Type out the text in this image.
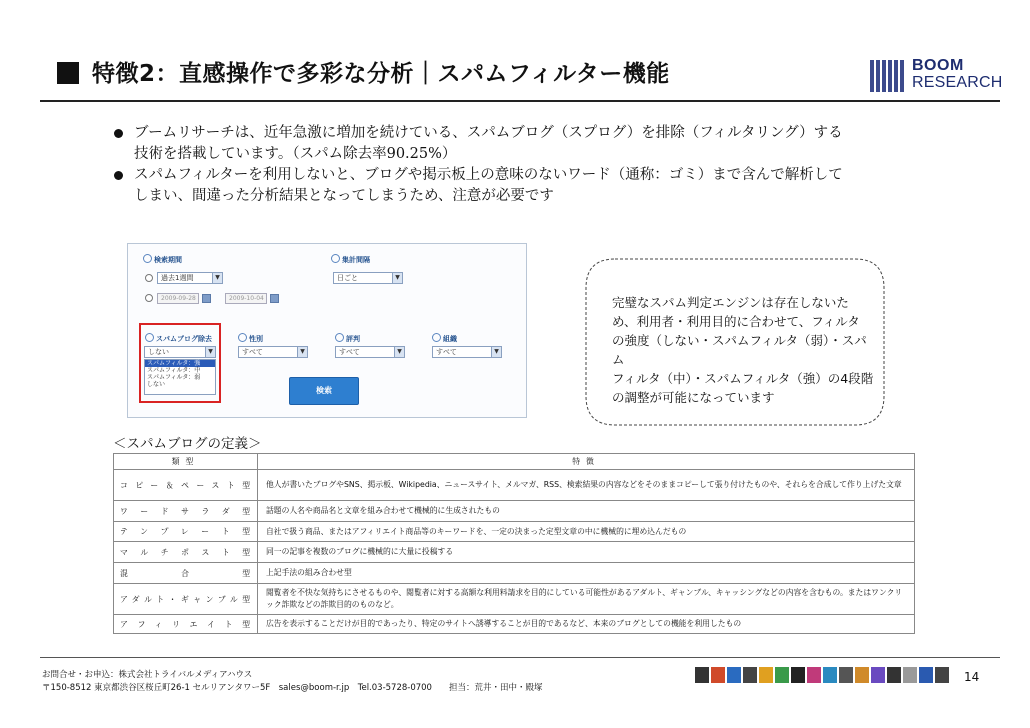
特徴2：直感操作で多彩な分析｜スパムフィルター機能	BOOM
RESEARCH
ブームリサーチは、近年急激に増加を続けている、スパムブログ（スプログ）を排除（フィルタリング）する
技術を搭載しています。（スパム除去率90.25%）
スパムフィルターを利用しないと、ブログや掲示板上の意味のないワード（通称：ゴミ）まで含んで解析して
しまい、間違った分析結果となってしまうため、注意が必要です
検索期間
過去1週間	▼
2009-09-28	2009-10-04
集計間隔
日ごと	▼
スパムブログ除去
しない	▼
スパムフィルタ：強
スパムフィルタ：中
スパムフィルタ：弱
しない
性別
すべて	▼
評判
すべて	▼
組織
すべて	▼
検索
完璧なスパム判定エンジンは存在しないた
め、利用者・利用目的に合わせて、フィルタ
の強度（しない・スパムフィルタ（弱）・スパム
フィルタ（中）・スパムフィルタ（強）の4段階
の調整が可能になっています
＜スパムブログの定義＞
類型	特徴
コピー＆ペースト型	他人が書いたブログやSNS、掲示板、Wikipedia、ニュースサイト、メルマガ、RSS、検索結果の内容などをそのままコピーして張り付けたものや、それらを合成して作り上げた文章
ワードサラダ型	話題の人名や商品名と文章を組み合わせて機械的に生成されたもの
テンプレート型	自社で扱う商品、またはアフィリエイト商品等のキーワードを、一定の決まった定型文章の中に機械的に埋め込んだもの
マルチポスト型	同一の記事を複数のブログに機械的に大量に投稿する
混合型	上記手法の組み合わせ型
アダルト・ギャンブル型	閲覧者を不快な気持ちにさせるものや、閲覧者に対する高額な利用料請求を目的にしている可能性があるアダルト、ギャンブル、キャッシングなどの内容を含むもの。またはワンクリック詐欺などの詐欺目的のものなど。
アフィリエイト型	広告を表示することだけが目的であったり、特定のサイトへ誘導することが目的であるなど、本来のブログとしての機能を利用したもの
お問合せ・お申込：株式会社トライバルメディアハウス
〒150-8512 東京都渋谷区桜丘町26-1 セルリアンタワー5F　sales@boom-r.jp　Tel.03-5728-0700　　担当：荒井・田中・殿塚
14
